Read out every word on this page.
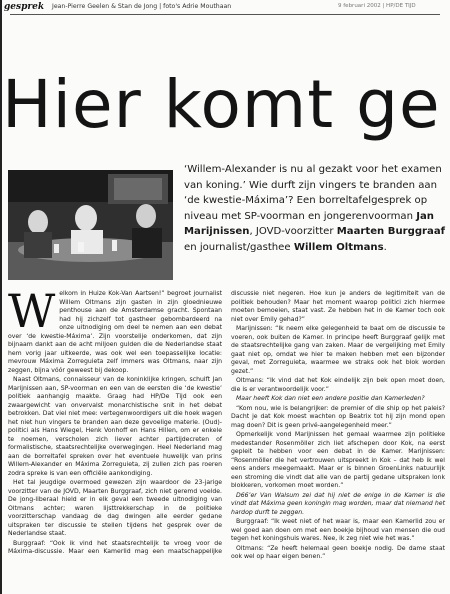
gesprek Jean-Pierre Geelen & Stan de Jong | foto's Adrie Mouthaan	9 februari 2002 | HP/DE TIJD
Hier komt ge
‘Willem-Alexander is nu al gezakt voor het examen van koning.’ Wie durft zijn vingers te branden aan ‘de kwestie-Máxima’? Een borreltafelgesprek op niveau met SP-voorman en jongerenvoorman Jan Marijnissen, JOVD-voorzitter Maarten Burggraaf en journalist/gasthee Willem Oltmans.

Welkom in Huize Kok-Van Aartsen!” begroet journalist Willem Oltmans zijn gasten in zijn gloednieuwe penthouse aan de Amsterdamse gracht. Spontaan had hij zichzelf tot gastheer gebombardeerd na onze uitnodiging om deel te nemen aan een debat over ‘de kwestie-Máxima’. Zijn voorstelije onderkomen, dat zijn bijnaam dankt aan de acht miljoen gulden die de Nederlandse staat hem vorig jaar uitkeerde, was ook wel een toepasselijke locatie: mevrouw Máxima Zorreguieta zelf immers was Oltmans, naar zijn zeggen, bijna vóór geweest bij dekoop.

Naast Oltmans, connaisseur van de koninklijke kringen, schuift Jan Marijnissen aan, SP-voorman en een van de eersten die ‘de kwestie’ politiek aanhangig maakte. Graag had HP/De Tijd ook een zwaargewicht van onvervalst monarchistische snit in het debat betrokken. Dat viel niet mee: vertegenwoordigers uit die hoek wagen het niet hun vingers te branden aan deze gevoelige materie. (Oud)-politici als Hans Wiegel, Henk Vonhoff en Hans Hillen, om er enkele te noemen, verscholen zich liever achter partijdecreten of formalistische, staatsrechtelijke overwegingen. Heel Nederland mag aan de borreltafel spreken over het eventuele huwelijk van prins Willem-Alexander en Máxima Zorreguieta, zij zullen zich pas roeren zodra spreke is van een officiële aankondiging.

Het tal jeugdige overmoed gewezen zijn waardoor de 23-jarige voorzitter van de JOVD, Maarten Burggraaf, zich niet geremd voelde. De jong-liberaal hield er in elk geval een tweede uitnodiging van Oltmans achter; waren lijsttrekkerschap in de politieke voorzitterschap vandaag de dag dwingen alle eerder gedane uitspraken ter discussie te stellen tijdens het gesprek over de Nederlandse staat.

Burggraaf: “Ook ik vind het staatsrechtelijk te vroeg voor de Máxima-discussie. Maar een Kamerlid mag een maatschappelijke discussie niet negeren. Hoe kun je anders de legitimiteit van de politiek behouden? Maar het moment waarop politici zich hiermee moeten bemoeien, staat vast. Ze hebben het in de Kamer toch ook niet over Emily gehad?”

Marijnissen: “Ik neem elke gelegenheid te baat om de discussie te voeren, ook buiten de Kamer. In principe heeft Burggraaf gelijk met de staatsrechtelijke gang van zaken. Maar de vergelijking met Emily gaat niet op, omdat we hier te maken hebben met een bijzonder geval, met Zorreguieta, waarmee we straks ook het blok worden gezet.”

Oltmans: “Ik vind dat het Kok eindelijk zijn bek open moet doen, die is er verantwoordelijk voor.”

Maar heeft Kok dan niet een andere positie dan Kamerleden?

“Kom nou, wie is belangrijker: de premier of die ship op het paleis? Dacht je dat Kok moest wachten op Beatrix tot hij zijn mond open mag doen? Dit is geen privé-aangelegenheid meer.”

Opmerkelijk vond Marijnissen het gemaal waarmee zijn politieke medestander Rosenmöller zich liet afschepen door Kok, na eerst gepleit te hebben voor een debat in de Kamer. Marijnissen: “Rosenmöller die het vertrouwen uitspreekt in Kok – dat heb ik wel eens anders meegemaakt. Maar er is binnen GroenLinks natuurlijk een stroming die vindt dat alle van de partij gedane uitspraken lonk blokkeren, vorkomen moet worden.”

D66’er Van Walsum zei dat hij niet de enige in de Kamer is die vindt dat Máxima geen koningin mag worden, maar dat niemand het hardop durft te zeggen.

Burggraaf: “Ik weet niet of het waar is, maar een Kamerlid zou er wel goed aan doen om met een boekje bijhoud van mensen die oud tegen het koningshuis wares. Nee, ik zeg niet wie het was.”

Oltmans: “Ze heeft helemaal geen boekje nodig. De dame staat ook wel op haar eigen benen.”
